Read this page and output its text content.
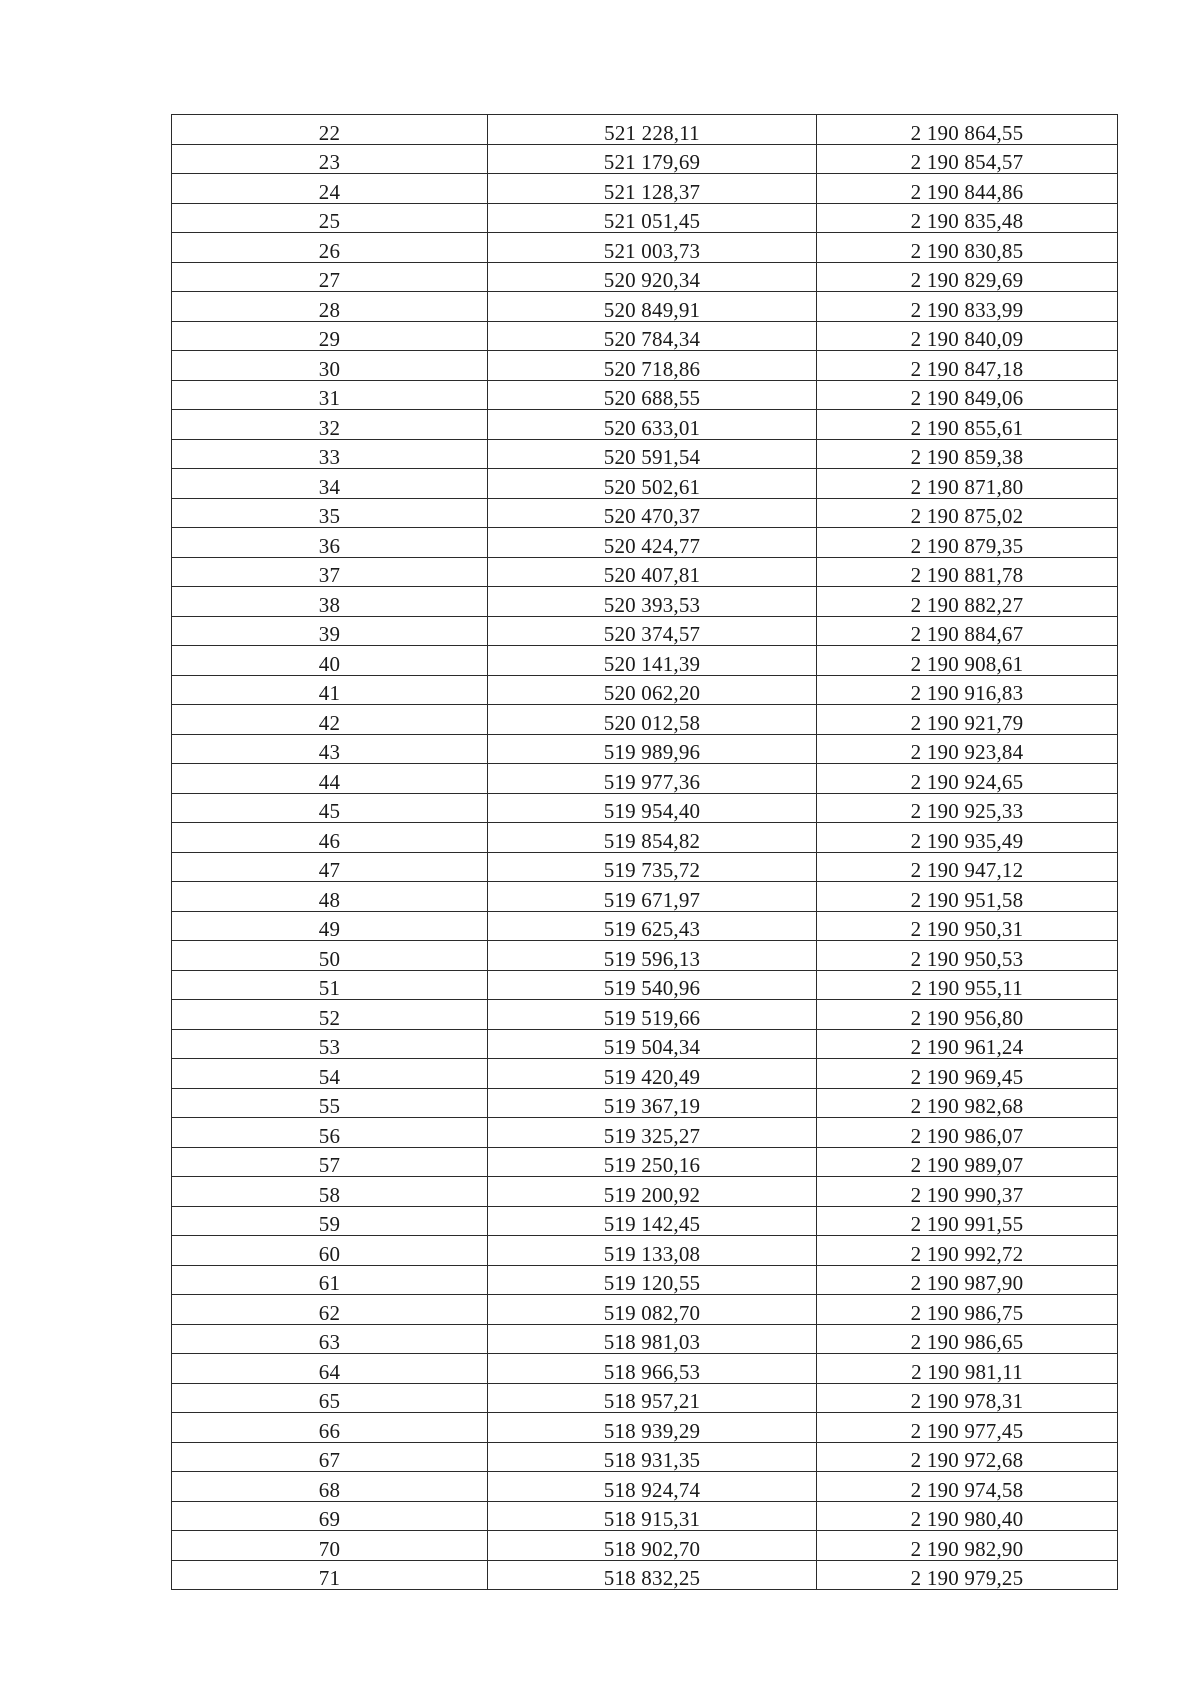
22	521 228,11	2 190 864,55
23	521 179,69	2 190 854,57
24	521 128,37	2 190 844,86
25	521 051,45	2 190 835,48
26	521 003,73	2 190 830,85
27	520 920,34	2 190 829,69
28	520 849,91	2 190 833,99
29	520 784,34	2 190 840,09
30	520 718,86	2 190 847,18
31	520 688,55	2 190 849,06
32	520 633,01	2 190 855,61
33	520 591,54	2 190 859,38
34	520 502,61	2 190 871,80
35	520 470,37	2 190 875,02
36	520 424,77	2 190 879,35
37	520 407,81	2 190 881,78
38	520 393,53	2 190 882,27
39	520 374,57	2 190 884,67
40	520 141,39	2 190 908,61
41	520 062,20	2 190 916,83
42	520 012,58	2 190 921,79
43	519 989,96	2 190 923,84
44	519 977,36	2 190 924,65
45	519 954,40	2 190 925,33
46	519 854,82	2 190 935,49
47	519 735,72	2 190 947,12
48	519 671,97	2 190 951,58
49	519 625,43	2 190 950,31
50	519 596,13	2 190 950,53
51	519 540,96	2 190 955,11
52	519 519,66	2 190 956,80
53	519 504,34	2 190 961,24
54	519 420,49	2 190 969,45
55	519 367,19	2 190 982,68
56	519 325,27	2 190 986,07
57	519 250,16	2 190 989,07
58	519 200,92	2 190 990,37
59	519 142,45	2 190 991,55
60	519 133,08	2 190 992,72
61	519 120,55	2 190 987,90
62	519 082,70	2 190 986,75
63	518 981,03	2 190 986,65
64	518 966,53	2 190 981,11
65	518 957,21	2 190 978,31
66	518 939,29	2 190 977,45
67	518 931,35	2 190 972,68
68	518 924,74	2 190 974,58
69	518 915,31	2 190 980,40
70	518 902,70	2 190 982,90
71	518 832,25	2 190 979,25
